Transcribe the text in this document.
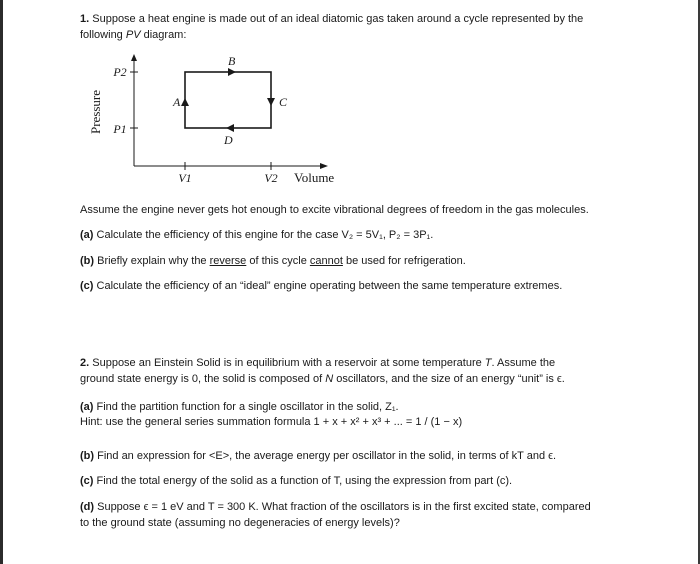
1. Suppose a heat engine is made out of an ideal diatomic gas taken around a cycle represented by the
following PV diagram:
Pressure
P2
P1
V1	V2 Volume
A
B
C
D
Assume the engine never gets hot enough to excite vibrational degrees of freedom in the gas molecules.
(a) Calculate the efficiency of this engine for the case V₂ = 5V₁, P₂ = 3P₁.
(b) Briefly explain why the reverse of this cycle cannot be used for refrigeration.
(c) Calculate the efficiency of an “ideal” engine operating between the same temperature extremes.
2. Suppose an Einstein Solid is in equilibrium with a reservoir at some temperature T. Assume the
ground state energy is 0, the solid is composed of N oscillators, and the size of an energy “unit” is ϵ.
(a) Find the partition function for a single oscillator in the solid, Z₁.
Hint: use the general series summation formula 1 + x + x² + x³ + ... = 1 / (1 − x)
(b) Find an expression for <E>, the average energy per oscillator in the solid, in terms of kT and ϵ.
(c) Find the total energy of the solid as a function of T, using the expression from part (c).
(d) Suppose ϵ = 1 eV and T = 300 K. What fraction of the oscillators is in the first excited state, compared
to the ground state (assuming no degeneracies of energy levels)?
